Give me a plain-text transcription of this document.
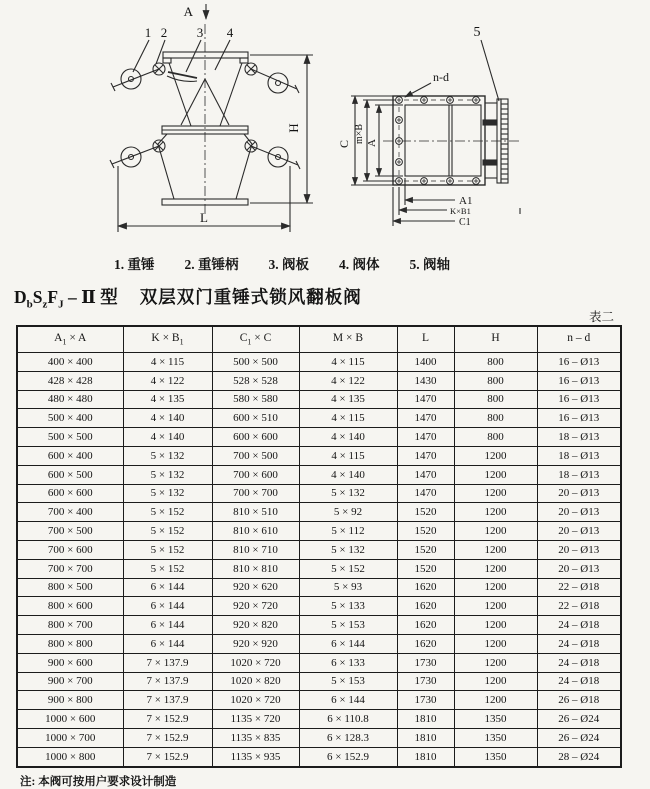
A
1 2 3 4
H
L
5
n-d
C m×B A
A1
K×B1
C1
1. 重锤 2. 重锤柄 3. 阀板 4. 阀体 5. 阀轴
$D_bS_zF_J$ – Ⅱ 型 双层双门重锤式锁风翻板阀
表二
$A_1 \times A$	$K \times B_1$	$C_1 \times C$	M × B	L	H	n – d
400 × 400	4 × 115	500 × 500	4 × 115	1400	800	16 – Ø13
428 × 428	4 × 122	528 × 528	4 × 122	1430	800	16 – Ø13
480 × 480	4 × 135	580 × 580	4 × 135	1470	800	16 – Ø13
500 × 400	4 × 140	600 × 510	4 × 115	1470	800	16 – Ø13
500 × 500	4 × 140	600 × 600	4 × 140	1470	800	18 – Ø13
600 × 400	5 × 132	700 × 500	4 × 115	1470	1200	18 – Ø13
600 × 500	5 × 132	700 × 600	4 × 140	1470	1200	18 – Ø13
600 × 600	5 × 132	700 × 700	5 × 132	1470	1200	20 – Ø13
700 × 400	5 × 152	810 × 510	5 × 92	1520	1200	20 – Ø13
700 × 500	5 × 152	810 × 610	5 × 112	1520	1200	20 – Ø13
700 × 600	5 × 152	810 × 710	5 × 132	1520	1200	20 – Ø13
700 × 700	5 × 152	810 × 810	5 × 152	1520	1200	20 – Ø13
800 × 500	6 × 144	920 × 620	5 × 93	1620	1200	22 – Ø18
800 × 600	6 × 144	920 × 720	5 × 133	1620	1200	22 – Ø18
800 × 700	6 × 144	920 × 820	5 × 153	1620	1200	24 – Ø18
800 × 800	6 × 144	920 × 920	6 × 144	1620	1200	24 – Ø18
900 × 600	7 × 137.9	1020 × 720	6 × 133	1730	1200	24 – Ø18
900 × 700	7 × 137.9	1020 × 820	5 × 153	1730	1200	24 – Ø18
900 × 800	7 × 137.9	1020 × 720	6 × 144	1730	1200	26 – Ø18
1000 × 600	7 × 152.9	1135 × 720	6 × 110.8	1810	1350	26 – Ø24
1000 × 700	7 × 152.9	1135 × 835	6 × 128.3	1810	1350	26 – Ø24
1000 × 800	7 × 152.9	1135 × 935	6 × 152.9	1810	1350	28 – Ø24
注: 本阀可按用户要求设计制造
